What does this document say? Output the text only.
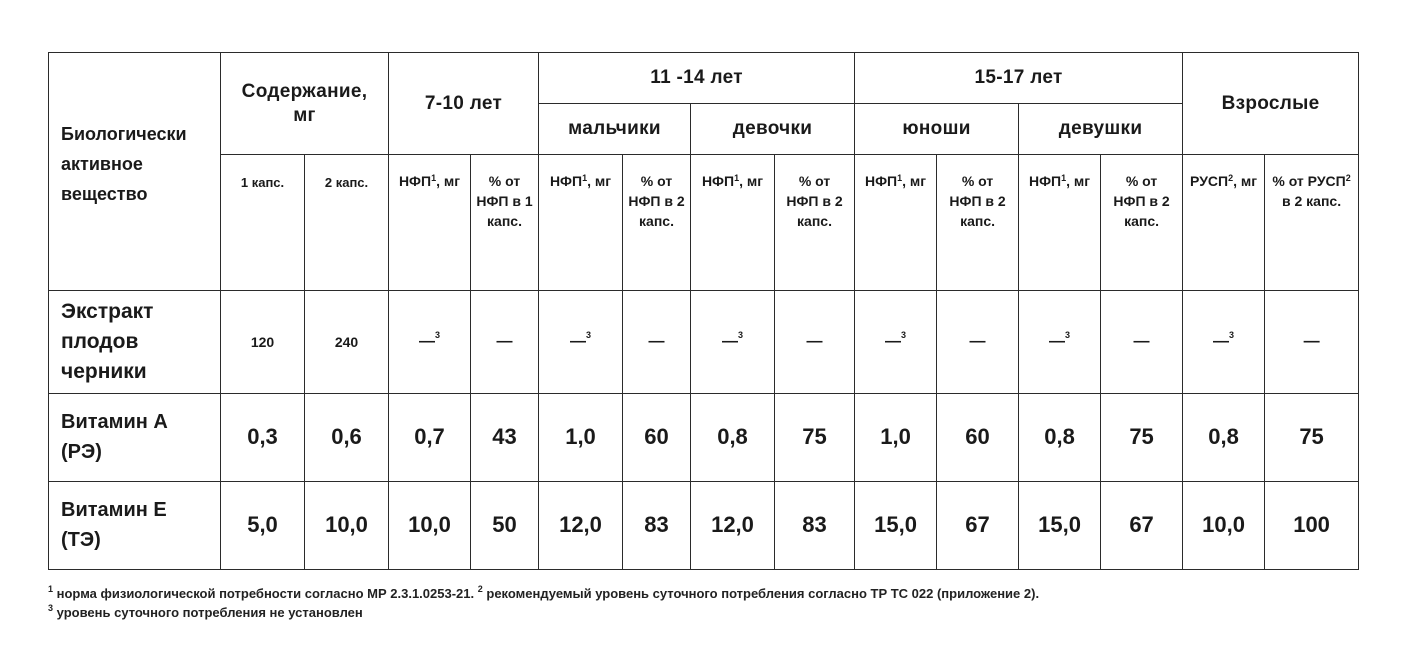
Биологически активное вещество	Содержание, мг		7-10 лет		11 -14 лет				15-17 лет				Взрослые	
					мальчики		девочки		юноши		девушки			
	1 капс.	2 капс.	НФП$^1$, мг	% от НФП в 1 капс.	НФП$^1$, мг	% от НФП в 2 капс.	НФП$^1$, мг	% от НФП в 2 капс.	НФП$^1$, мг	% от НФП в 2 капс.	НФП$^1$, мг	% от НФП в 2 капс.	РУСП$^2$, мг	% от РУСП$^2$
в 2 капс.
Экстракт плодов черники	120	240	—$^3$	—	—$^3$	—	—$^3$	—	—$^3$	—	—$^3$	—	—$^3$	—
Витамин А (РЭ)	0,3	0,6	0,7	43	1,0	60	0,8	75	1,0	60	0,8	75	0,8	75
Витамин Е (ТЭ)	5,0	10,0	10,0	50	12,0	83	12,0	83	15,0	67	15,0	67	10,0	100
$^1$ норма физиологической потребности согласно МР 2.3.1.0253-21. $^2$ рекомендуемый уровень суточного потребления согласно ТР ТС 022 (приложение 2).
$^3$ уровень суточного потребления не установлен
